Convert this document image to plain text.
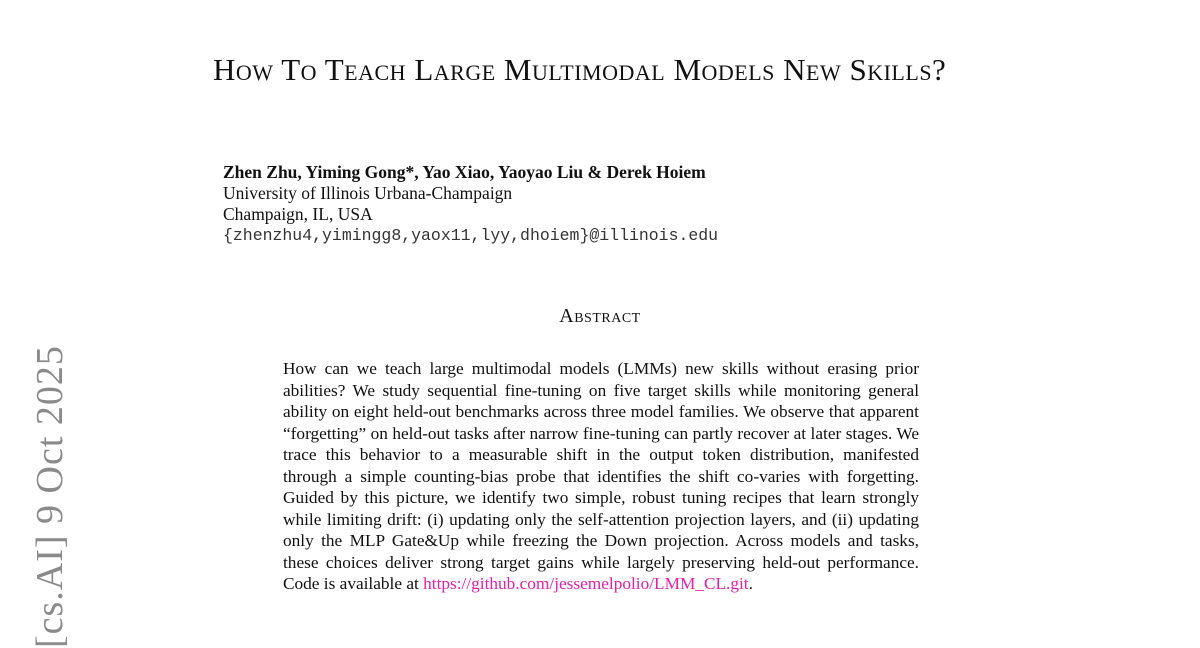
[cs.AI] 9 Oct 2025
How To Teach Large Multimodal Models New Skills?

Zhen Zhu, Yiming Gong*, Yao Xiao, Yaoyao Liu & Derek Hoiem

University of Illinois Urbana-Champaign

Champaign, IL, USA

{zhenzhu4,yimingg8,yaox11,lyy,dhoiem}@illinois.edu

Abstract
How can we teach large multimodal models (LMMs) new skills without erasing prior abilities? We study sequential fine-tuning on five target skills while monitoring general ability on eight held-out benchmarks across three model families. We observe that apparent “forgetting” on held-out tasks after narrow fine-tuning can partly recover at later stages. We trace this behavior to a measurable shift in the output token distribution, manifested through a simple counting-bias probe that identifies the shift co-varies with forgetting. Guided by this picture, we identify two simple, robust tuning recipes that learn strongly while limiting drift: (i) updating only the self-attention projection layers, and (ii) updating only the MLP Gate&Up while freezing the Down projection. Across models and tasks, these choices deliver strong target gains while largely preserving held-out performance. Code is available at https://github.com/jessemelpolio/LMM_CL.git.
